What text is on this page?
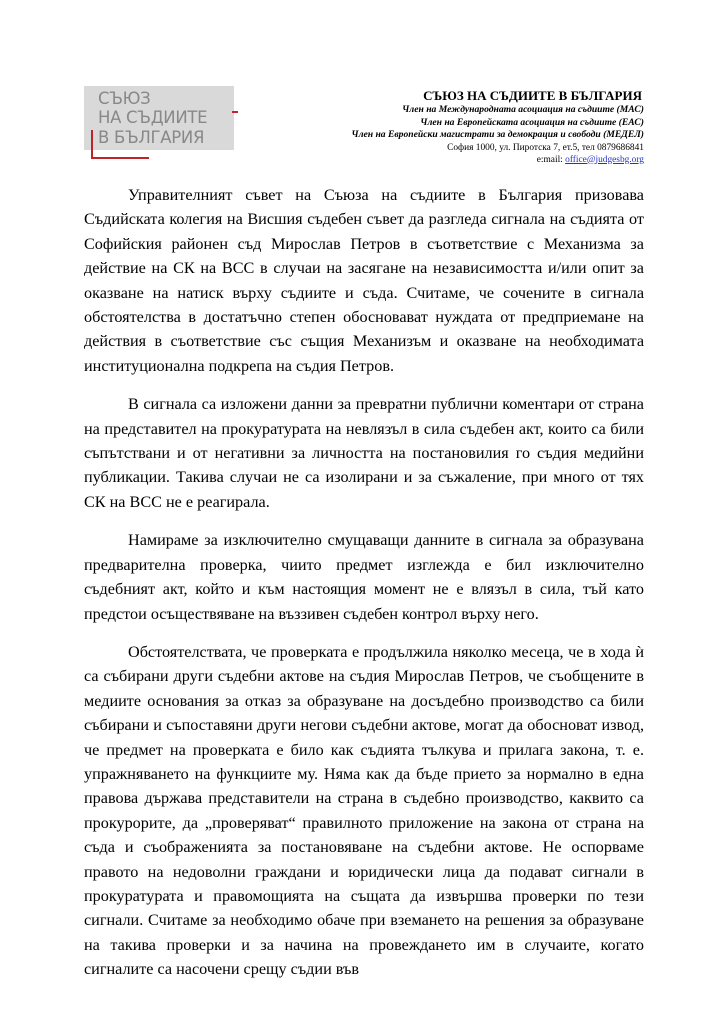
СЪЮЗ
НА СЪДИИТЕ
В БЪЛГАРИЯ
СЪЮЗ НА СЪДИИТЕ В БЪЛГАРИЯ
Член на Международната асоциация на съдиите (МАС)
Член на Европейската асоциация на съдиите (ЕАС)
Член на Европейски магистрати за демокрация и свободи (МЕДЕЛ)
София 1000, ул. Пиротска 7, ет.5, тел 0879686841
e:mail: office@judgesbg.org

Управителният съвет на Съюза на съдиите в България призовава Съдийската колегия на Висшия съдебен съвет да разгледа сигнала на съдията от Софийския районен съд Мирослав Петров в съответствие с Механизма за действие на СК на ВСС в случаи на засягане на независимостта и/или опит за оказване на натиск върху съдиите и съда. Считаме, че сочените в сигнала обстоятелства в достатъчно степен обосновават нуждата от предприемане на действия в съответствие със същия Механизъм и оказване на необходимата институционална подкрепа на съдия Петров.

В сигнала са изложени данни за превратни публични коментари от страна на представител на прокуратурата на невлязъл в сила съдебен акт, които са били съпътствани и от негативни за личността на постановилия го съдия медийни публикации. Такива случаи не са изолирани и за съжаление, при много от тях СК на ВСС не е реагирала.

Намираме за изключително смущаващи данните в сигнала за образувана предварителна проверка, чиито предмет изглежда е бил изключително съдебният акт, който и към настоящия момент не е влязъл в сила, тъй като предстои осъществяване на въззивен съдебен контрол върху него.

Обстоятелствата, че проверката е продължила няколко месеца, че в хода ѝ са събирани други съдебни актове на съдия Мирослав Петров, че съобщените в медиите основания за отказ за образуване на досъдебно производство са били събирани и съпоставяни други негови съдебни актове, могат да обосноват извод, че предмет на проверката е било как съдията тълкува и прилага закона, т. е. упражняването на функциите му. Няма как да бъде прието за нормално в една правова държава представители на страна в съдебно производство, каквито са прокурорите, да „проверяват“ правилното приложение на закона от страна на съда и съображенията за постановяване на съдебни актове. Не оспорваме правото на недоволни граждани и юридически лица да подават сигнали в прокуратурата и правомощията на същата да извършва проверки по тези сигнали. Считаме за необходимо обаче при вземането на решения за образуване на такива проверки и за начина на провеждането им в случаите, когато сигналите са насочени срещу съдии във
